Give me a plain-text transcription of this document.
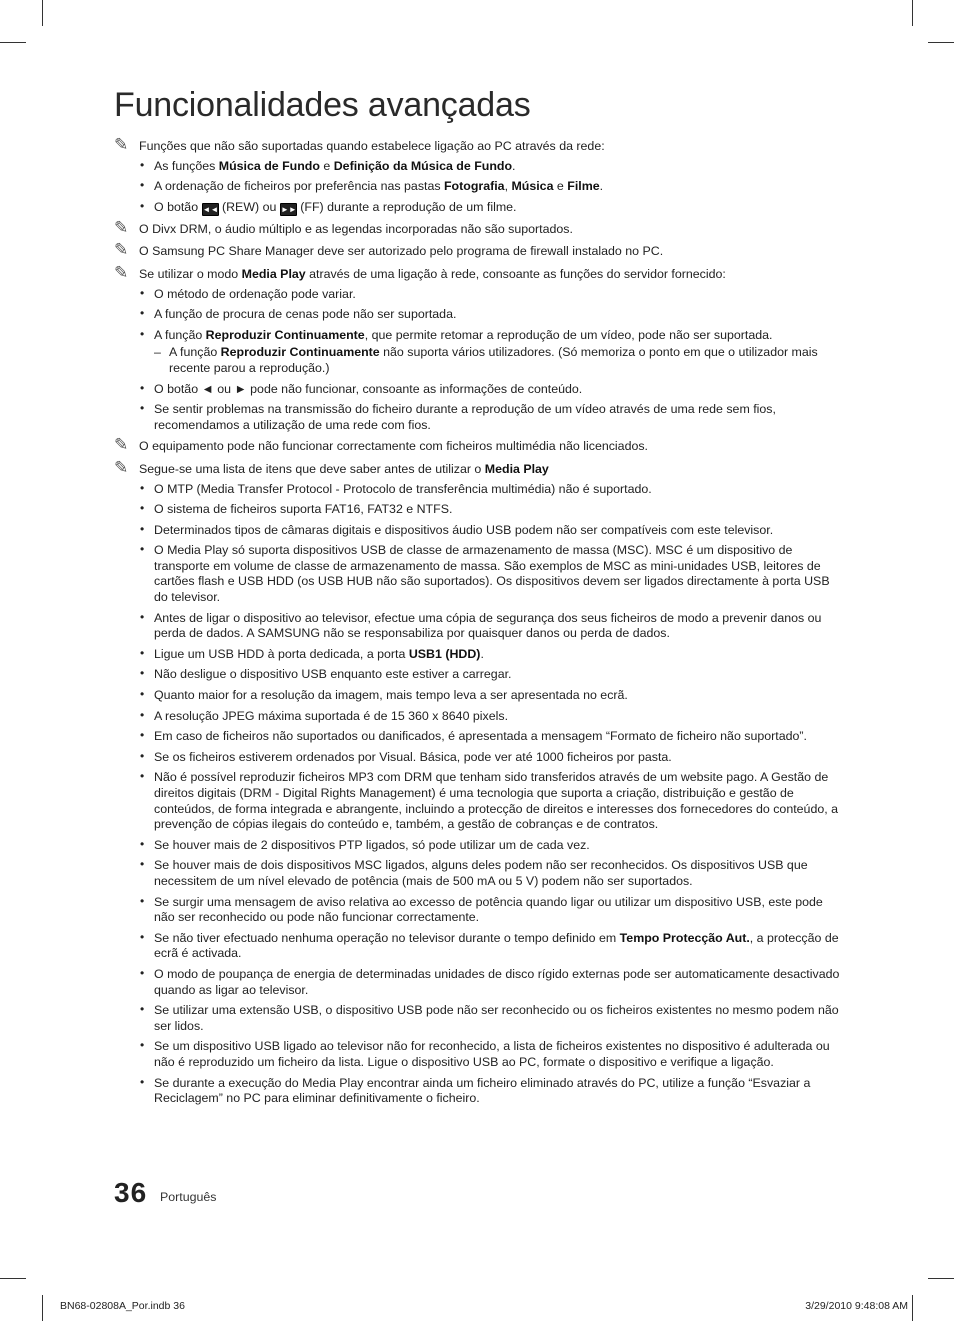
Funcionalidades avançadas
✎ Funções que não são suportadas quando estabelece ligação ao PC através da rede:
• As funções Música de Fundo e Definição da Música de Fundo.
• A ordenação de ficheiros por preferência nas pastas Fotografia, Música e Filme.
• O botão ◄◄ (REW) ou ►► (FF) durante a reprodução de um filme.
✎ O Divx DRM, o áudio múltiplo e as legendas incorporadas não são suportados.
✎ O Samsung PC Share Manager deve ser autorizado pelo programa de firewall instalado no PC.
✎ Se utilizar o modo Media Play através de uma ligação à rede, consoante as funções do servidor fornecido:
• O método de ordenação pode variar.
• A função de procura de cenas pode não ser suportada.
• A função Reproduzir Continuamente, que permite retomar a reprodução de um vídeo, pode não ser suportada.
– A função Reproduzir Continuamente não suporta vários utilizadores. (Só memoriza o ponto em que o utilizador mais recente parou a reprodução.)
• O botão ◄ ou ► pode não funcionar, consoante as informações de conteúdo.
• Se sentir problemas na transmissão do ficheiro durante a reprodução de um vídeo através de uma rede sem fios, recomendamos a utilização de uma rede com fios.
✎ O equipamento pode não funcionar correctamente com ficheiros multimédia não licenciados.
✎ Segue-se uma lista de itens que deve saber antes de utilizar o Media Play
• O MTP (Media Transfer Protocol - Protocolo de transferência multimédia) não é suportado.
• O sistema de ficheiros suporta FAT16, FAT32 e NTFS.
• Determinados tipos de câmaras digitais e dispositivos áudio USB podem não ser compatíveis com este televisor.
• O Media Play só suporta dispositivos USB de classe de armazenamento de massa (MSC). MSC é um dispositivo de transporte em volume de classe de armazenamento de massa. São exemplos de MSC as mini-unidades USB, leitores de cartões flash e USB HDD (os USB HUB não são suportados). Os dispositivos devem ser ligados directamente à porta USB do televisor.
• Antes de ligar o dispositivo ao televisor, efectue uma cópia de segurança dos seus ficheiros de modo a prevenir danos ou perda de dados. A SAMSUNG não se responsabiliza por quaisquer danos ou perda de dados.
• Ligue um USB HDD à porta dedicada, a porta USB1 (HDD).
• Não desligue o dispositivo USB enquanto este estiver a carregar.
• Quanto maior for a resolução da imagem, mais tempo leva a ser apresentada no ecrã.
• A resolução JPEG máxima suportada é de 15 360 x 8640 pixels.
• Em caso de ficheiros não suportados ou danificados, é apresentada a mensagem “Formato de ficheiro não suportado”.
• Se os ficheiros estiverem ordenados por Visual. Básica, pode ver até 1000 ficheiros por pasta.
• Não é possível reproduzir ficheiros MP3 com DRM que tenham sido transferidos através de um website pago. A Gestão de direitos digitais (DRM - Digital Rights Management) é uma tecnologia que suporta a criação, distribuição e gestão de conteúdos, de forma integrada e abrangente, incluindo a protecção de direitos e interesses dos fornecedores do conteúdo, a prevenção de cópias ilegais do conteúdo e, também, a gestão de cobranças e de contratos.
• Se houver mais de 2 dispositivos PTP ligados, só pode utilizar um de cada vez.
• Se houver mais de dois dispositivos MSC ligados, alguns deles podem não ser reconhecidos. Os dispositivos USB que necessitem de um nível elevado de potência (mais de 500 mA ou 5 V) podem não ser suportados.
• Se surgir uma mensagem de aviso relativa ao excesso de potência quando ligar ou utilizar um dispositivo USB, este pode não ser reconhecido ou pode não funcionar correctamente.
• Se não tiver efectuado nenhuma operação no televisor durante o tempo definido em Tempo Protecção Aut., a protecção de ecrã é activada.
• O modo de poupança de energia de determinadas unidades de disco rígido externas pode ser automaticamente desactivado quando as ligar ao televisor.
• Se utilizar uma extensão USB, o dispositivo USB pode não ser reconhecido ou os ficheiros existentes no mesmo podem não ser lidos.
• Se um dispositivo USB ligado ao televisor não for reconhecido, a lista de ficheiros existentes no dispositivo é adulterada ou não é reproduzido um ficheiro da lista. Ligue o dispositivo USB ao PC, formate o dispositivo e verifique a ligação.
• Se durante a execução do Media Play encontrar ainda um ficheiro eliminado através do PC, utilize a função “Esvaziar a Reciclagem” no PC para eliminar definitivamente o ficheiro.
36 Português
BN68-02808A_Por.indb 36	3/29/2010 9:48:08 AM
